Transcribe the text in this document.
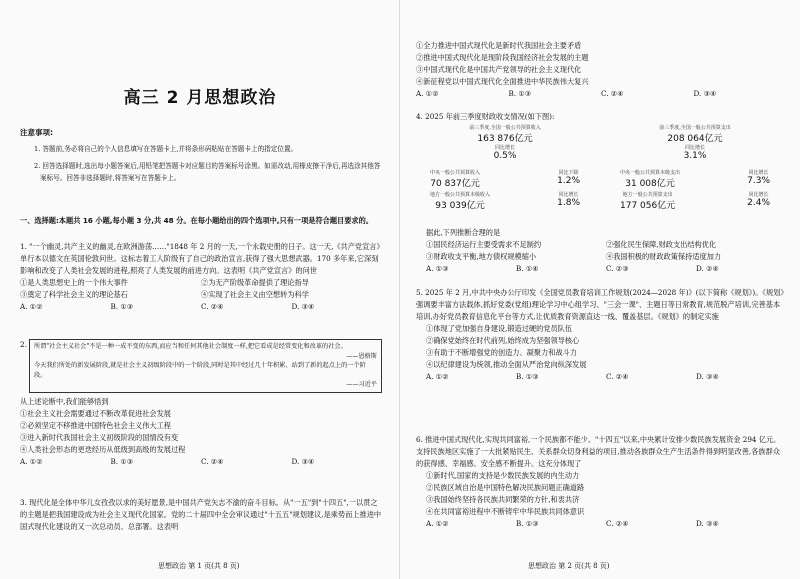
高三 2 月思想政治
注意事项:
1. 答题前,务必将自己的个人信息填写在答题卡上,并将条形码粘贴在答题卡上的指定位置。
2. 回答选择题时,选出每小题答案后,用铅笔把答题卡对应题目的答案标号涂黑。如需改动,用橡皮擦干净后,再选涂其他答案标号。回答非选择题时,将答案写在答题卡上。
一、选择题:本题共 16 小题,每小题 3 分,共 48 分。在每小题给出的四个选项中,只有一项是符合题目要求的。
1. "一个幽灵,共产主义的幽灵,在欧洲游荡……"1848 年 2 月的一天,一个永载史册的日子。这一天,《共产党宣言》单行本以德文在英国伦敦问世。这标志着工人阶级有了自己的政治宣言,获得了强大思想武器。170 多年来,它深刻影响和改变了人类社会发展的进程,照亮了人类发展的前进方向。这表明《共产党宣言》的问世
①是人类思想史上的一个伟大事件	②为无产阶级革命提供了理论指导
③奠定了科学社会主义的理论基石	④实现了社会主义由空想转为科学
A. ①②	B. ①③	C. ②④	D. ③④
2.	所谓"社会主义社会"不是一种一成不变的东西,而应当和任何其他社会制度一样,把它看成是经常变化和改革的社会。
——恩格斯
今天我们所处的新发展阶段,就是社会主义初级阶段中的一个阶段,同时是其中经过几十年积累、站到了新的起点上的一个阶段。
——习近平
从上述论断中,我们能够悟到
①社会主义社会需要通过不断改革促进社会发展
②必须坚定不移推进中国特色社会主义伟大工程
③进入新时代我国社会主义初级阶段的国情没有变
④人类社会形态的更迭经历从低级到高级的发展过程
A. ①②	B. ①③	C. ②④	D. ③④
3. 现代化是全体中华儿女孜孜以求的美好愿景,是中国共产党矢志不渝的奋斗目标。从"一五"到"十四五",一以贯之的主题是把我国建设成为社会主义现代化国家。党的二十届四中全会审议通过"十五五"规划建议,是乘势而上推进中国式现代化建设的又一次总动员、总部署。这表明
思想政治 第 1 页(共 8 页)
①全力推进中国式现代化是新时代我国社会主要矛盾
②推进中国式现代化是现阶段我国经济社会发展的主题
③中国式现代化是中国共产党领导的社会主义现代化
④新征程党以中国式现代化全面推进中华民族伟大复兴
A. ①②	B. ①③	C. ②④	D. ③④
4. 2025 年前三季度财政收支情况(如下图):
前三季度,全国一般公共预算收入
163 876亿元
同比增长
0.5%
前三季度,全国一般公共预算支出
208 064亿元
同比增长
3.1%
中央一般公共预算收入
70 837亿元
同比下降
1.2%
中央一般公共预算本级支出
31 008亿元
同比增长
7.3%
地方一般公共预算本级收入
93 039亿元
同比增长
1.8%
地方一般公共预算支出
177 056亿元
同比增长
2.4%
据此,下列推断合理的是
①国民经济运行主要受需求不足制约	②强化民生保障,财政支出结构优化
③财政收支平衡,地方债权规模缩小	④我国积极的财政政策保持适度加力
A. ①③	B. ①④	C. ②③	D. ②④
5. 2025 年 2 月,中共中央办公厅印发《全国党员教育培训工作规划(2024—2028 年)》(以下简称《规划》)。《规划》强调要丰富方法载体,抓好党委(党组)理论学习中心组学习、"三会一课"、主题日等日常教育,规范脱产培训,完善基本培训,办好党员教育信息化平台等方式,让优质教育资源直达一线、覆盖基层。《规划》的制定实施
①体现了党加强自身建设,锻造过硬的党员队伍
②确保党始终在时代前列,始终成为坚强领导核心
③有助于不断增强党的创造力、凝聚力和战斗力
④以纪律建设为统领,推动全面从严治党向纵深发展
A. ①②	B. ①③	C. ②④	D. ③④
6. 推进中国式现代化,实现共同富裕,一个民族都不能少。"十四五"以来,中央累计安排少数民族发展资金 294 亿元。支持民族地区实施了一大批紧贴民生、关系群众切身利益的项目,推动各族群众生产生活条件得到明显改善,各族群众的获得感、幸福感、安全感不断提升。这充分体现了
①新时代,国家的支持是少数民族发展的内生动力
②民族区域自治是中国特色解决民族问题正确道路
③我国始终坚持各民族共同繁荣的方针,和衷共济
④在共同富裕进程中不断铸牢中华民族共同体意识
A. ①②	B. ①③	C. ②④	D. ③④
思想政治 第 2 页(共 8 页)
